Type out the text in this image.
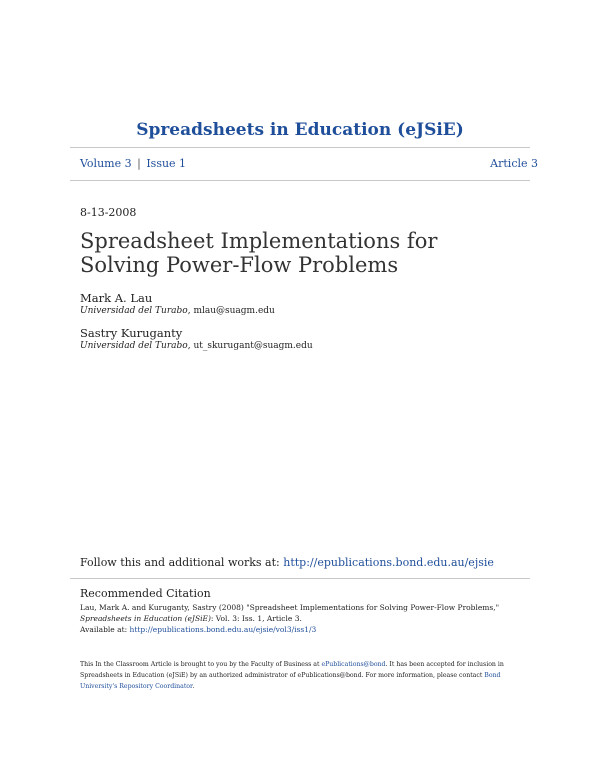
Spreadsheets in Education (eJSiE)
Volume 3 | Issue 1	Article 3
8-13-2008
Spreadsheet Implementations for Solving Power-Flow Problems
Mark A. Lau
Universidad del Turabo, mlau@suagm.edu
Sastry Kuruganty
Universidad del Turabo, ut_skurugant@suagm.edu
Follow this and additional works at: http://epublications.bond.edu.au/ejsie
Recommended Citation
Lau, Mark A. and Kuruganty, Sastry (2008) "Spreadsheet Implementations for Solving Power-Flow Problems," Spreadsheets in Education (eJSiE): Vol. 3: Iss. 1, Article 3.
Available at: http://epublications.bond.edu.au/ejsie/vol3/iss1/3
This In the Classroom Article is brought to you by the Faculty of Business at ePublications@bond. It has been accepted for inclusion in Spreadsheets in Education (eJSiE) by an authorized administrator of ePublications@bond. For more information, please contact Bond University's Repository Coordinator.
